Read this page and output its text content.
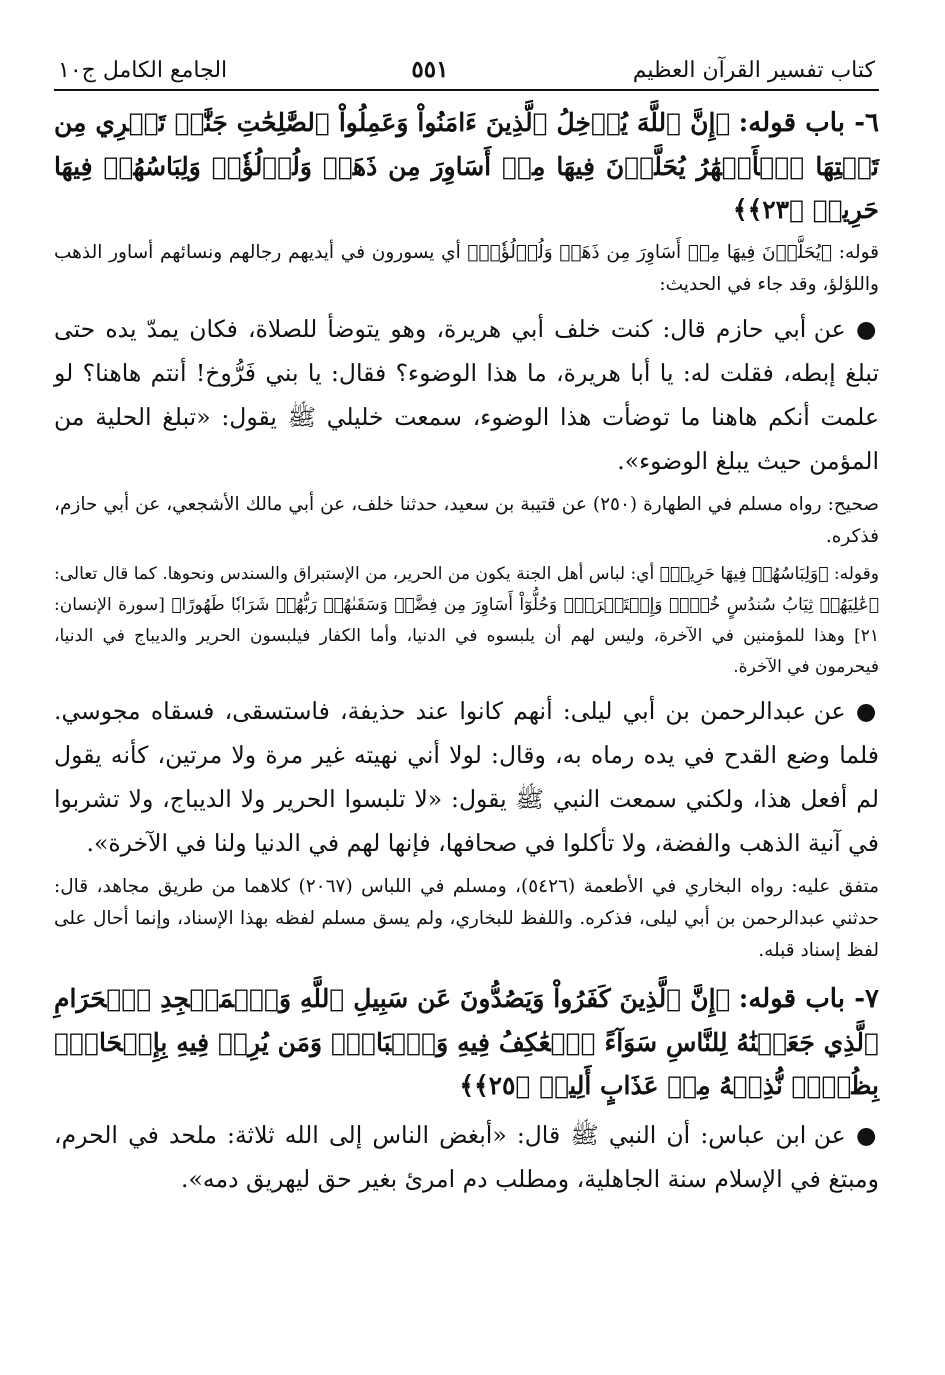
كتاب تفسير القرآن العظيم
٥٥١
الجامع الكامل ج١٠

٦- باب قوله: ﴿إِنَّ ٱللَّهَ يُدۡخِلُ ٱلَّذِينَ ءَامَنُواْ وَعَمِلُواْ ٱلصَّٰلِحَٰتِ جَنَّٰتٖ تَجۡرِي مِن تَحۡتِهَا ٱلۡأَنۡهَٰرُ يُحَلَّوۡنَ فِيهَا مِنۡ أَسَاوِرَ مِن ذَهَبٖ وَلُؤۡلُؤٗاۖ وَلِبَاسُهُمۡ فِيهَا حَرِيرٞ ﴿٢٣﴾﴾

قوله: ﴿يُحَلَّوۡنَ فِيهَا مِنۡ أَسَاوِرَ مِن ذَهَبٖ وَلُؤۡلُؤٗاۖ﴾ أي يسورون في أيديهم رجالهم ونسائهم أساور الذهب واللؤلؤ، وقد جاء في الحديث:

● عن أبي حازم قال: كنت خلف أبي هريرة، وهو يتوضأ للصلاة، فكان يمدّ يده حتى تبلغ إبطه، فقلت له: يا أبا هريرة، ما هذا الوضوء؟ فقال: يا بني فَرُّوخ! أنتم هاهنا؟ لو علمت أنكم هاهنا ما توضأت هذا الوضوء، سمعت خليلي ﷺ يقول: «تبلغ الحلية من المؤمن حيث يبلغ الوضوء».

صحيح: رواه مسلم في الطهارة (٢٥٠) عن قتيبة بن سعيد، حدثنا خلف، عن أبي مالك الأشجعي، عن أبي حازم، فذكره.

وقوله: ﴿وَلِبَاسُهُمۡ فِيهَا حَرِيرٞ﴾ أي: لباس أهل الجنة يكون من الحرير، من الإستبراق والسندس ونحوها. كما قال تعالى: ﴿عَٰلِيَهُمۡ ثِيَابُ سُندُسٍ خُضۡرٞ وَإِسۡتَبۡرَقٞۖ وَحُلُّوٓاْ أَسَاوِرَ مِن فِضَّةٖ وَسَقَىٰهُمۡ رَبُّهُمۡ شَرَابٗا طَهُورًا﴾ [سورة الإنسان: ٢١] وهذا للمؤمنين في الآخرة، وليس لهم أن يلبسوه في الدنيا، وأما الكفار فيلبسون الحرير والديباج في الدنيا، فيحرمون في الآخرة.

● عن عبدالرحمن بن أبي ليلى: أنهم كانوا عند حذيفة، فاستسقى، فسقاه مجوسي. فلما وضع القدح في يده رماه به، وقال: لولا أني نهيته غير مرة ولا مرتين، كأنه يقول لم أفعل هذا، ولكني سمعت النبي ﷺ يقول: «لا تلبسوا الحرير ولا الديباج، ولا تشربوا في آنية الذهب والفضة، ولا تأكلوا في صحافها، فإنها لهم في الدنيا ولنا في الآخرة».

متفق عليه: رواه البخاري في الأطعمة (٥٤٢٦)، ومسلم في اللباس (٢٠٦٧) كلاهما من طريق مجاهد، قال: حدثني عبدالرحمن بن أبي ليلى، فذكره. واللفظ للبخاري، ولم يسق مسلم لفظه بهذا الإسناد، وإنما أحال على لفظ إسناد قبله.

٧- باب قوله: ﴿إِنَّ ٱلَّذِينَ كَفَرُواْ وَيَصُدُّونَ عَن سَبِيلِ ٱللَّهِ وَٱلۡمَسۡجِدِ ٱلۡحَرَامِ ٱلَّذِي جَعَلۡنَٰهُ لِلنَّاسِ سَوَآءً ٱلۡعَٰكِفُ فِيهِ وَٱلۡبَادِۚ وَمَن يُرِدۡ فِيهِ بِإِلۡحَادِۭ بِظُلۡمٖ نُّذِقۡهُ مِنۡ عَذَابٍ أَلِيمٖ ﴿٢٥﴾﴾

● عن ابن عباس: أن النبي ﷺ قال: «أبغض الناس إلى الله ثلاثة: ملحد في الحرم، ومبتغ في الإسلام سنة الجاهلية، ومطلب دم امرئ بغير حق ليهريق دمه».
